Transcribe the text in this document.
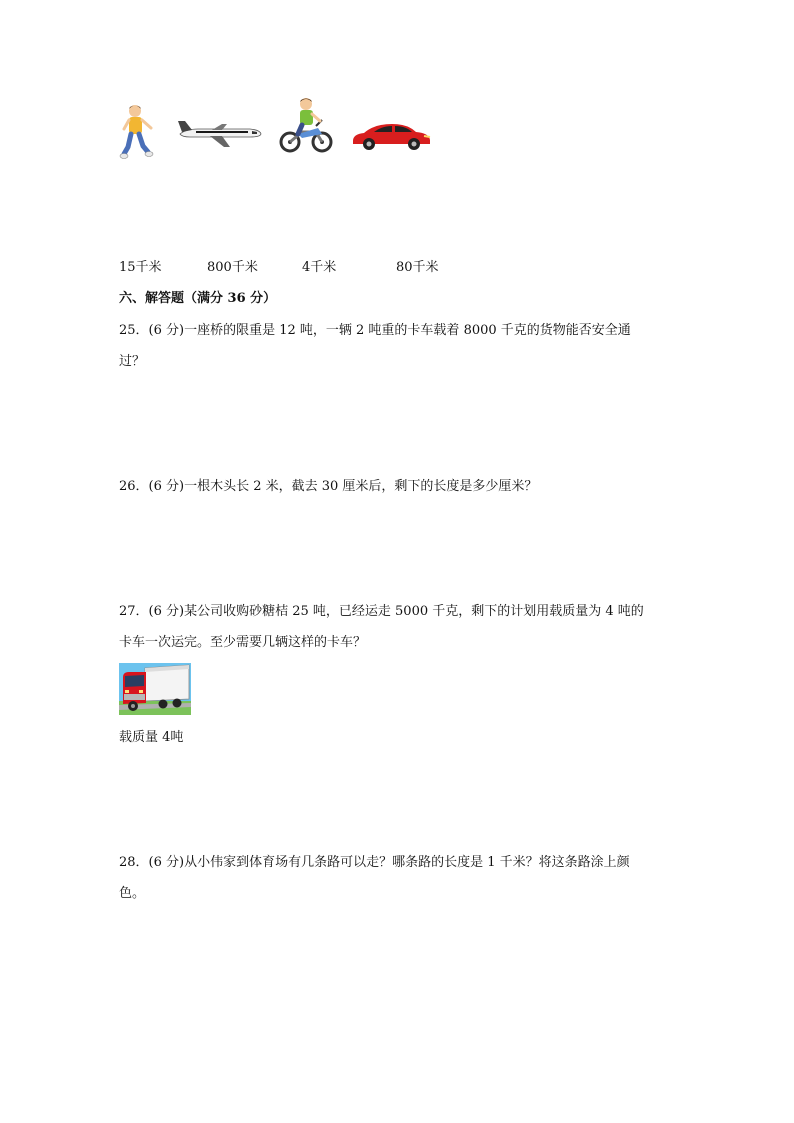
15千米	800千米	4千米	80千米
六、解答题（满分 36 分）
25．(6 分)一座桥的限重是 12 吨，一辆 2 吨重的卡车载着 8000 千克的货物能否安全通
过？
26．(6 分)一根木头长 2 米，截去 30 厘米后，剩下的长度是多少厘米？
27．(6 分)某公司收购砂糖桔 25 吨，已经运走 5000 千克，剩下的计划用载质量为 4 吨的
卡车一次运完。至少需要几辆这样的卡车？
载质量 4吨
28．(6 分)从小伟家到体育场有几条路可以走？哪条路的长度是 1 千米？将这条路涂上颜
色。
